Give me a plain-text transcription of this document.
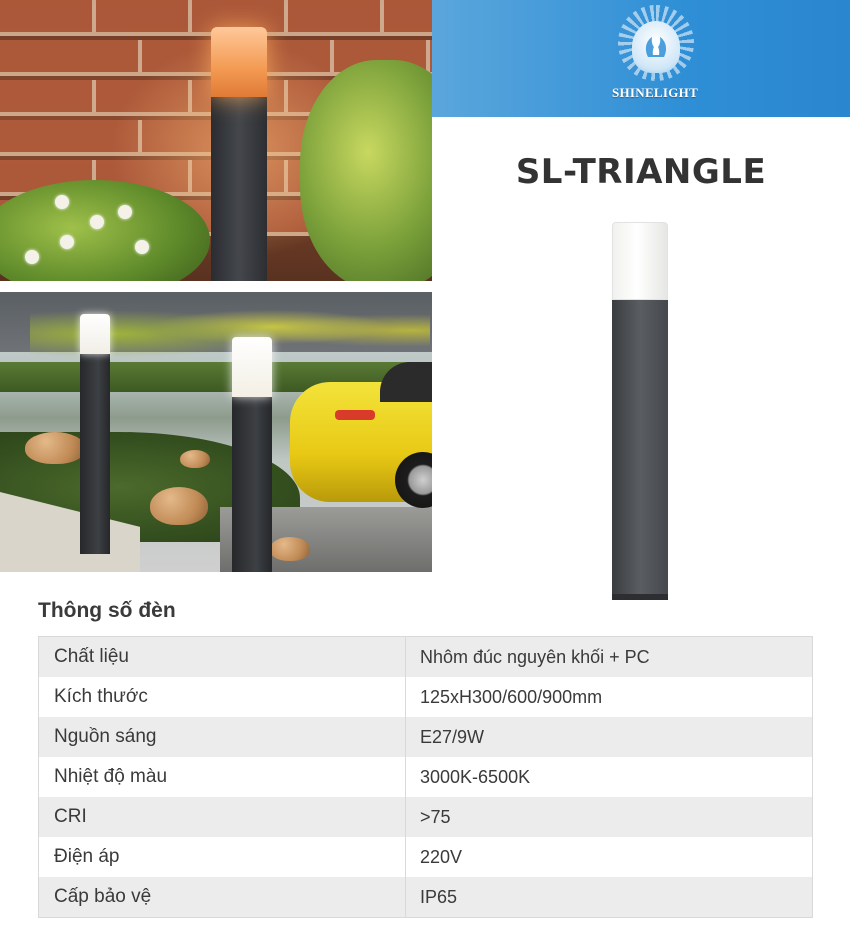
SHINELIGHT
SL-TRIANGLE
Thông số đèn
Chất liệu	Nhôm đúc nguyên khối + PC
Kích thước	125xH300/600/900mm
Nguồn sáng	E27/9W
Nhiệt độ màu	3000K-6500K
CRI	>75
Điện áp	220V
Cấp bảo vệ	IP65
